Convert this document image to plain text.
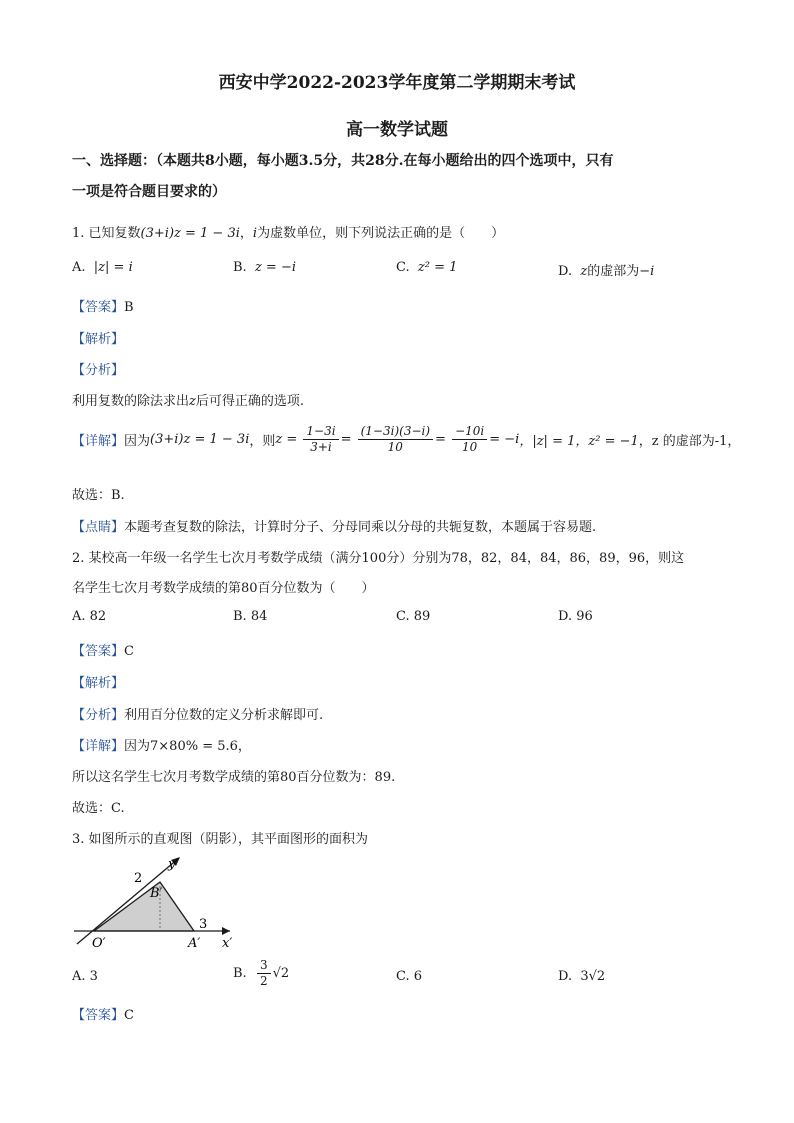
西安中学2022-2023学年度第二学期期末考试
高一数学试题
一、选择题：（本题共8小题，每小题3.5分，共28分.在每小题给出的四个选项中，只有
一项是符合题目要求的）
1. 已知复数(3+i)z = 1 − 3i，i为虚数单位，则下列说法正确的是（　　）
A. |z| = i	B. z = −i	C. z² = 1	D. z的虚部为−i
【答案】B
【解析】
【分析】
利用复数的除法求出z后可得正确的选项.
【详解】因为(3+i)z = 1 − 3i，则$z = \frac{1-3i}{3+i} = \frac{(1-3i)(3-i)}{10} = \frac{-10i}{10} = -i$，|z| = 1，z² = −1，z 的虚部为-1，
故选：B.
【点睛】本题考查复数的除法，计算时分子、分母同乘以分母的共轭复数，本题属于容易题.
2. 某校高一年级一名学生七次月考数学成绩（满分100分）分别为78，82，84，84，86，89，96，则这
名学生七次月考数学成绩的第80百分位数为（　　）
A. 82	B. 84	C. 89	D. 96
【答案】C
【解析】
【分析】利用百分位数的定义分析求解即可.
【详解】因为7×80% = 5.6，
所以这名学生七次月考数学成绩的第80百分位数为：89.
故选：C.
3. 如图所示的直观图（阴影），其平面图形的面积为
2
B′
3
O′	A′ x′
y′
A. 3	B. $\frac{3}{2} √2$	C. 6	D. 3√2
【答案】C
